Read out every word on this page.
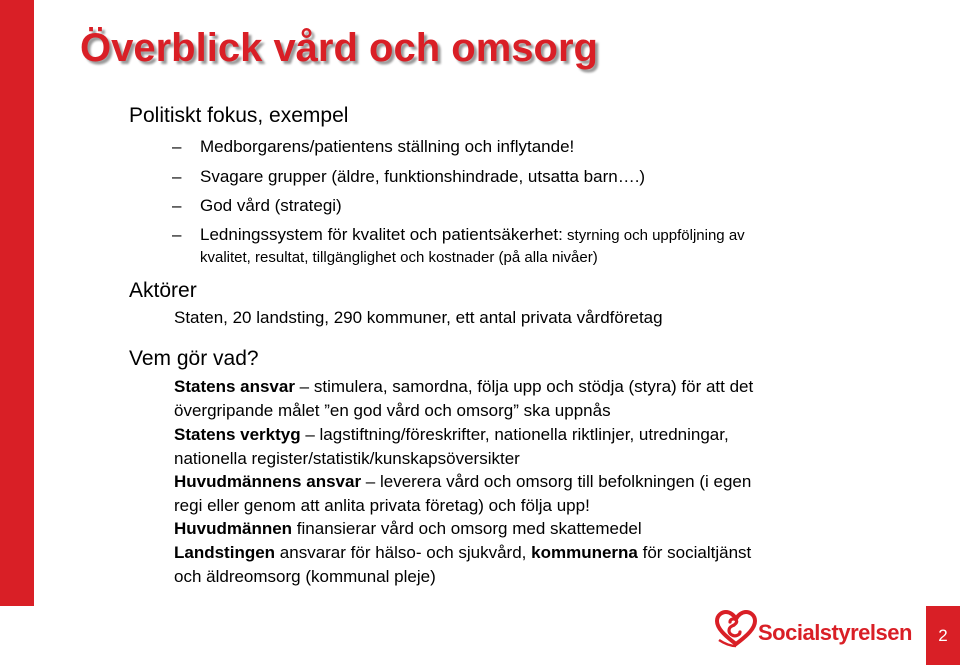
Överblick vård och omsorg
Politiskt fokus, exempel
–	Medborgarens/patientens ställning och inflytande!
–	Svagare grupper (äldre, funktionshindrade, utsatta barn….)
–	God vård (strategi)
–	Ledningssystem för kvalitet och patientsäkerhet: styrning och uppföljning av
kvalitet, resultat, tillgänglighet och kostnader (på alla nivåer)
Aktörer
Staten, 20 landsting, 290 kommuner, ett antal privata vårdföretag
Vem gör vad?
Statens ansvar – stimulera, samordna, följa upp och stödja (styra) för att det
övergripande målet ”en god vård och omsorg” ska uppnås
Statens verktyg – lagstiftning/föreskrifter, nationella riktlinjer, utredningar,
nationella register/statistik/kunskapsöversikter
Huvudmännens ansvar – leverera vård och omsorg till befolkningen (i egen
regi eller genom att anlita privata företag) och följa upp!
Huvudmännen finansierar vård och omsorg med skattemedel
Landstingen ansvarar för hälso- och sjukvård, kommunerna för socialtjänst
och äldreomsorg (kommunal pleje)
Socialstyrelsen	2
